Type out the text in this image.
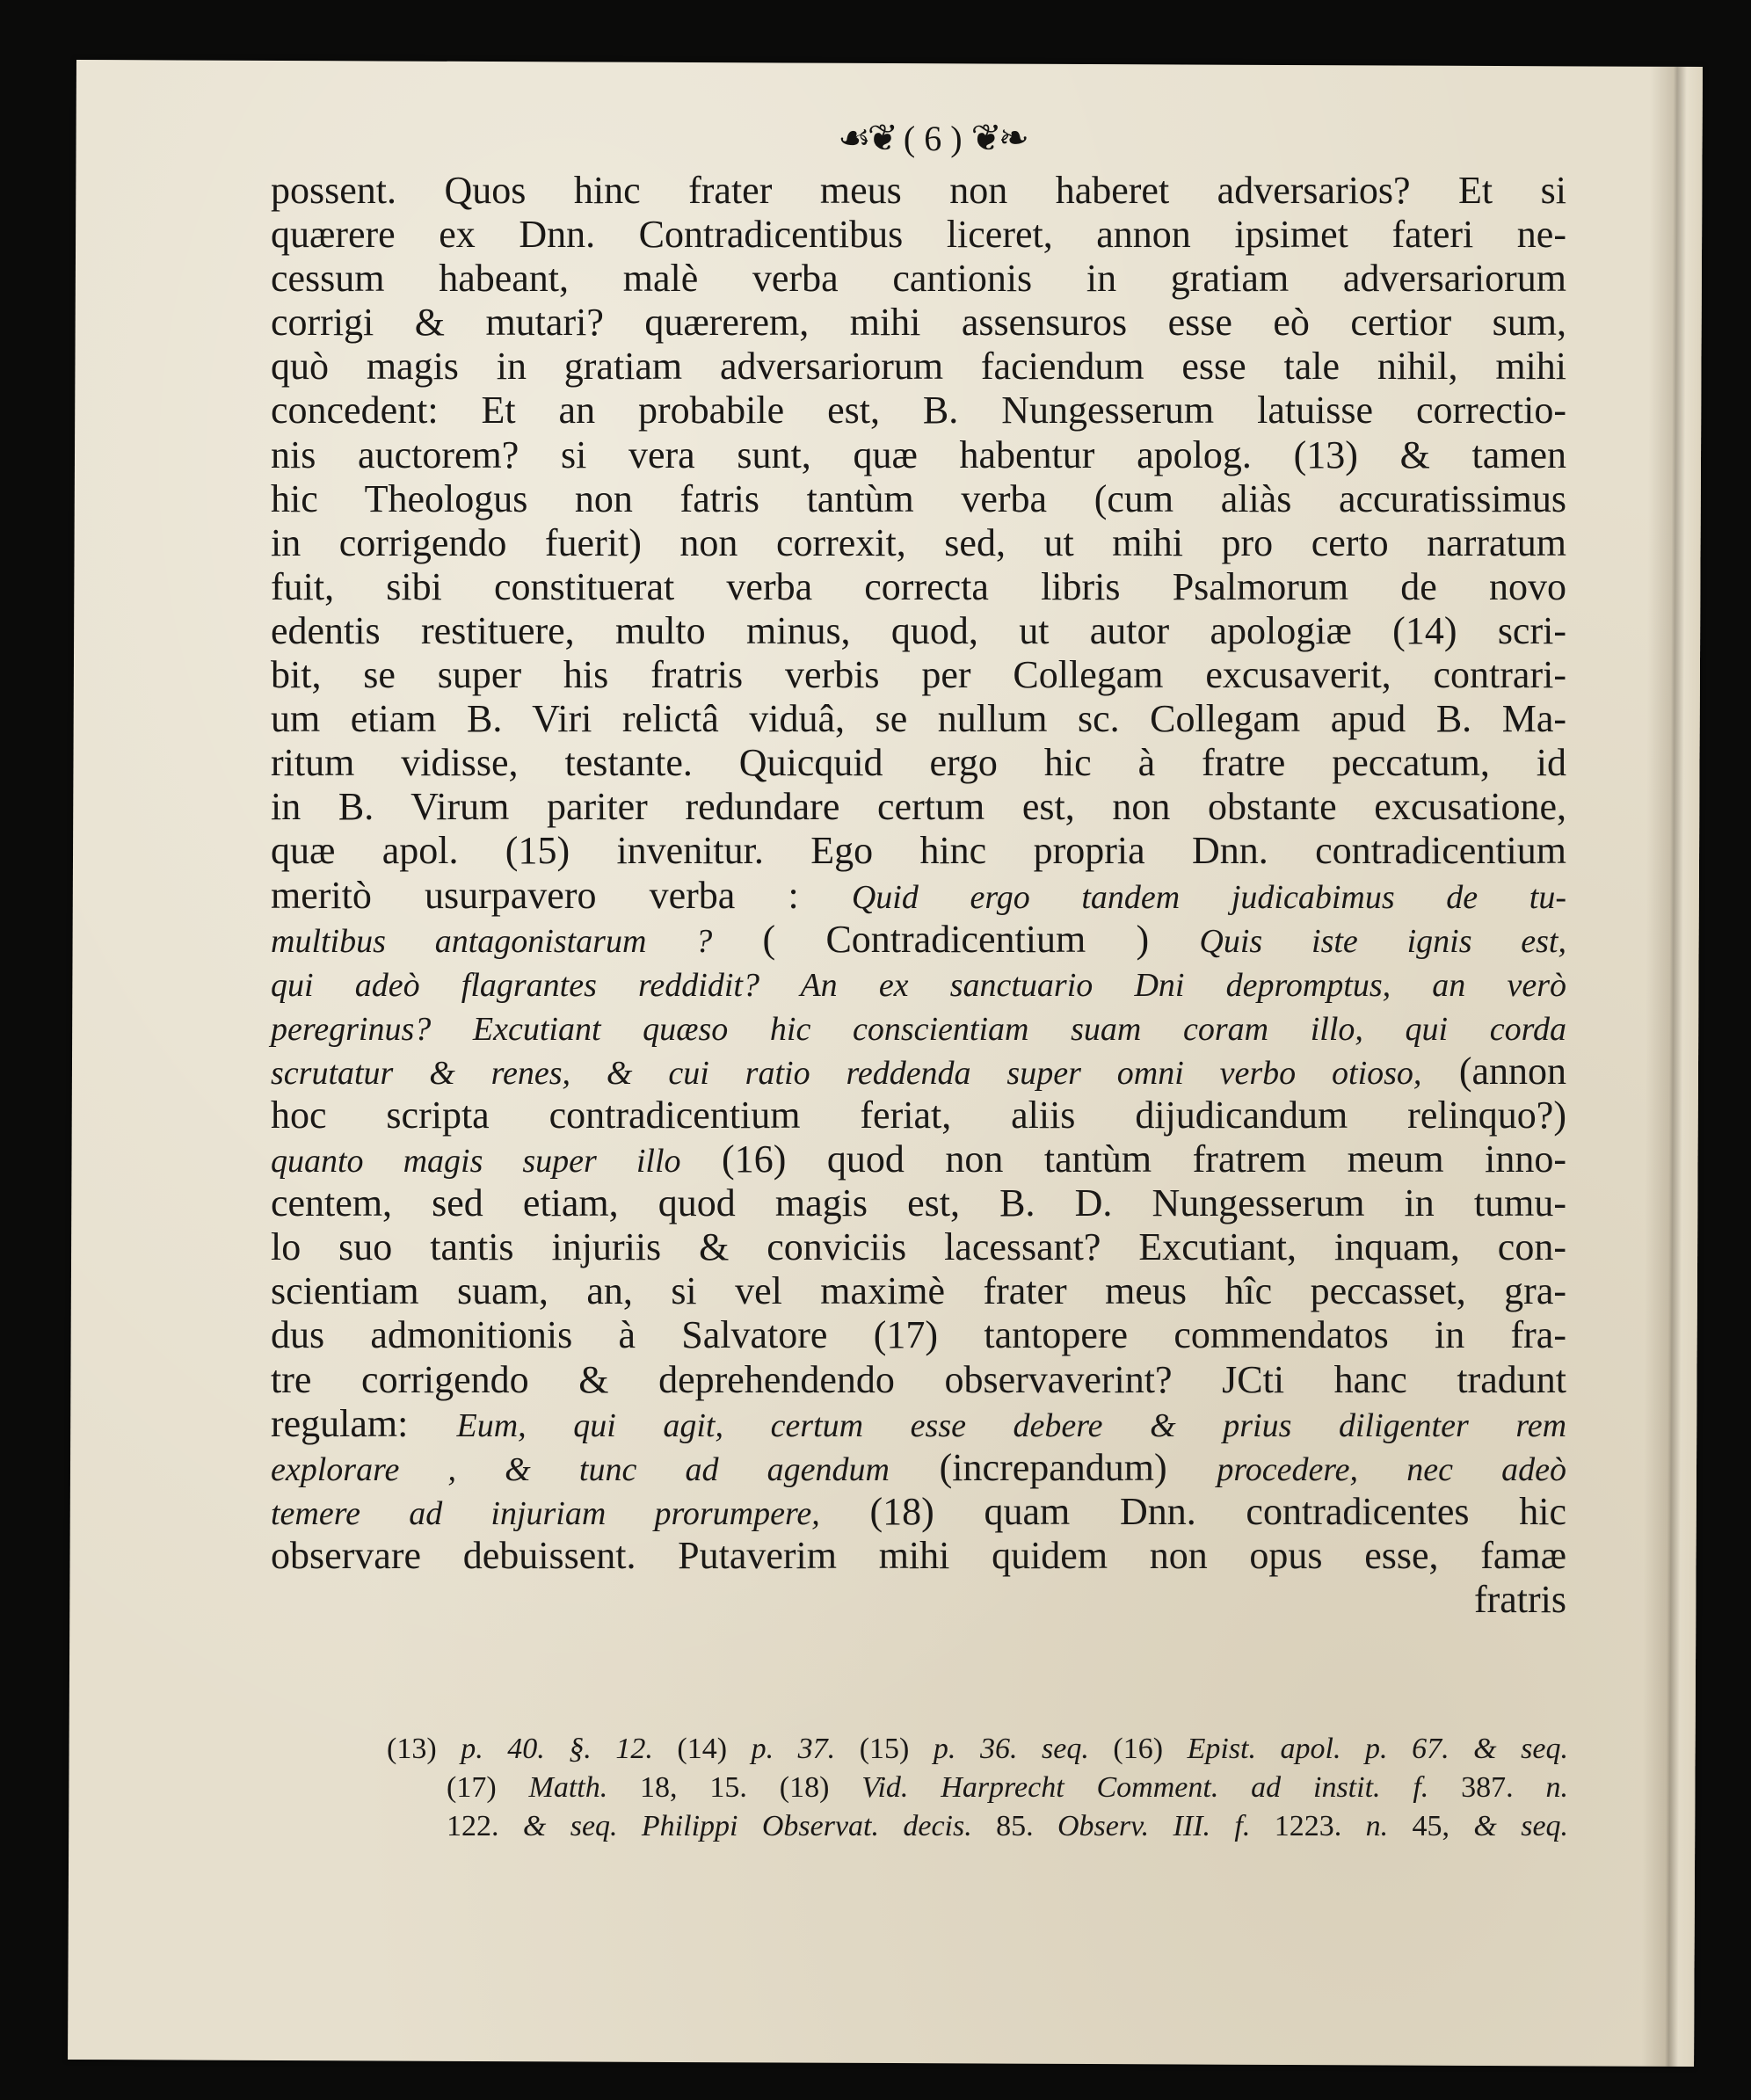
☙❦ ( 6 ) ❦❧
possent. Quos hinc frater meus non haberet adversarios? Et si
quærere ex Dnn. Contradicentibus liceret, annon ipsimet fateri ne-
cessum habeant, malè verba cantionis in gratiam adversariorum
corrigi & mutari? quærerem, mihi assensuros esse eò certior sum,
quò magis in gratiam adversariorum faciendum esse tale nihil, mihi
concedent: Et an probabile est, B. Nungesserum latuisse correctio-
nis auctorem? si vera sunt, quæ habentur apolog. (13) & tamen
hic Theologus non fatris tantùm verba (cum aliàs accuratissimus
in corrigendo fuerit) non correxit, sed, ut mihi pro certo narratum
fuit, sibi constituerat verba correcta libris Psalmorum de novo
edentis restituere, multo minus, quod, ut autor apologiæ (14) scri-
bit, se super his fratris verbis per Collegam excusaverit, contrari-
um etiam B. Viri relictâ viduâ, se nullum sc. Collegam apud B. Ma-
ritum vidisse, testante. Quicquid ergo hic à fratre peccatum, id
in B. Virum pariter redundare certum est, non obstante excusatione,
quæ apol. (15) invenitur. Ego hinc propria Dnn. contradicentium
meritò usurpavero verba : Quid ergo tandem judicabimus de tu-
multibus antagonistarum ? ( Contradicentium ) Quis iste ignis est,
qui adeò flagrantes reddidit? An ex sanctuario Dni depromptus, an verò
peregrinus? Excutiant quæso hic conscientiam suam coram illo, qui corda
scrutatur & renes, & cui ratio reddenda super omni verbo otioso, (annon
hoc scripta contradicentium feriat, aliis dijudicandum relinquo?)
quanto magis super illo (16) quod non tantùm fratrem meum inno-
centem, sed etiam, quod magis est, B. D. Nungesserum in tumu-
lo suo tantis injuriis & conviciis lacessant? Excutiant, inquam, con-
scientiam suam, an, si vel maximè frater meus hîc peccasset, gra-
dus admonitionis à Salvatore (17) tantopere commendatos in fra-
tre corrigendo & deprehendendo observaverint? JCti hanc tradunt
regulam: Eum, qui agit, certum esse debere & prius diligenter rem
explorare , & tunc ad agendum (increpandum) procedere, nec adeò
temere ad injuriam prorumpere, (18) quam Dnn. contradicentes hic
observare debuissent. Putaverim mihi quidem non opus esse, famæ
fratris
(13) p. 40. §. 12. (14) p. 37. (15) p. 36. seq. (16) Epist. apol. p. 67. & seq.
(17) Matth. 18, 15. (18) Vid. Harprecht Comment. ad instit. f. 387. n.
122. & seq. Philippi Observat. decis. 85. Observ. III. f. 1223. n. 45, & seq.
